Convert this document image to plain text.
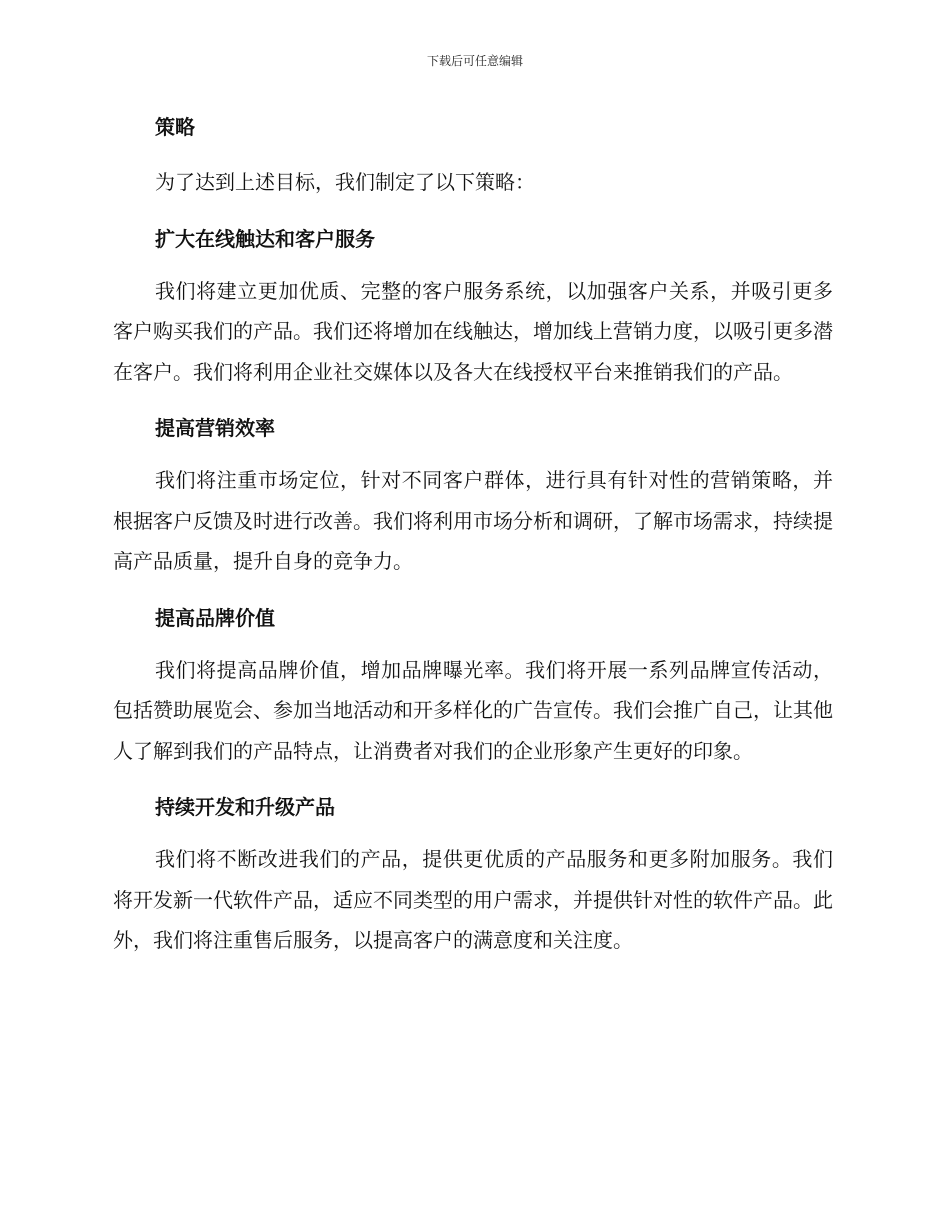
下载后可任意编辑
策略

为了达到上述目标，我们制定了以下策略：

扩大在线触达和客户服务

我们将建立更加优质、完整的客户服务系统，以加强客户关系，并吸引更多客户购买我们的产品。我们还将增加在线触达，增加线上营销力度，以吸引更多潜在客户。我们将利用企业社交媒体以及各大在线授权平台来推销我们的产品。

提高营销效率

我们将注重市场定位，针对不同客户群体，进行具有针对性的营销策略，并根据客户反馈及时进行改善。我们将利用市场分析和调研，了解市场需求，持续提高产品质量，提升自身的竞争力。

提高品牌价值

我们将提高品牌价值，增加品牌曝光率。我们将开展一系列品牌宣传活动，包括赞助展览会、参加当地活动和开多样化的广告宣传。我们会推广自己，让其他人了解到我们的产品特点，让消费者对我们的企业形象产生更好的印象。

持续开发和升级产品

我们将不断改进我们的产品，提供更优质的产品服务和更多附加服务。我们将开发新一代软件产品，适应不同类型的用户需求，并提供针对性的软件产品。此外，我们将注重售后服务，以提高客户的满意度和关注度。
